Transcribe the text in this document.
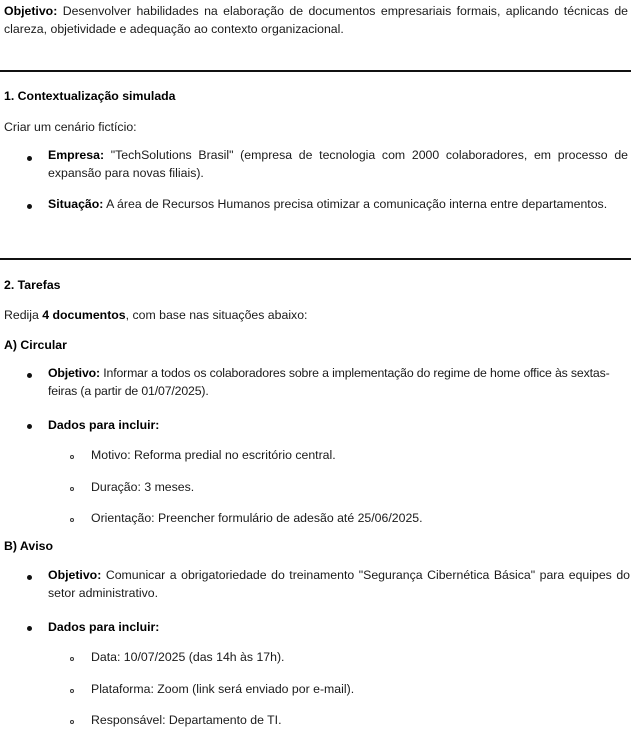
Objetivo: Desenvolver habilidades na elaboração de documentos empresariais formais, aplicando técnicas de clareza, objetividade e adequação ao contexto organizacional.
1. Contextualização simulada
Criar um cenário fictício:
Empresa: "TechSolutions Brasil" (empresa de tecnologia com 2000 colaboradores, em processo de expansão para novas filiais).
Situação: A área de Recursos Humanos precisa otimizar a comunicação interna entre departamentos.
2. Tarefas
Redija 4 documentos, com base nas situações abaixo:
A) Circular
Objetivo: Informar a todos os colaboradores sobre a implementação do regime de home office às sextas-feiras (a partir de 01/07/2025).
Dados para incluir:
Motivo: Reforma predial no escritório central.
Duração: 3 meses.
Orientação: Preencher formulário de adesão até 25/06/2025.
B) Aviso
Objetivo: Comunicar a obrigatoriedade do treinamento "Segurança Cibernética Básica" para equipes do setor administrativo.
Dados para incluir:
Data: 10/07/2025 (das 14h às 17h).
Plataforma: Zoom (link será enviado por e-mail).
Responsável: Departamento de TI.
